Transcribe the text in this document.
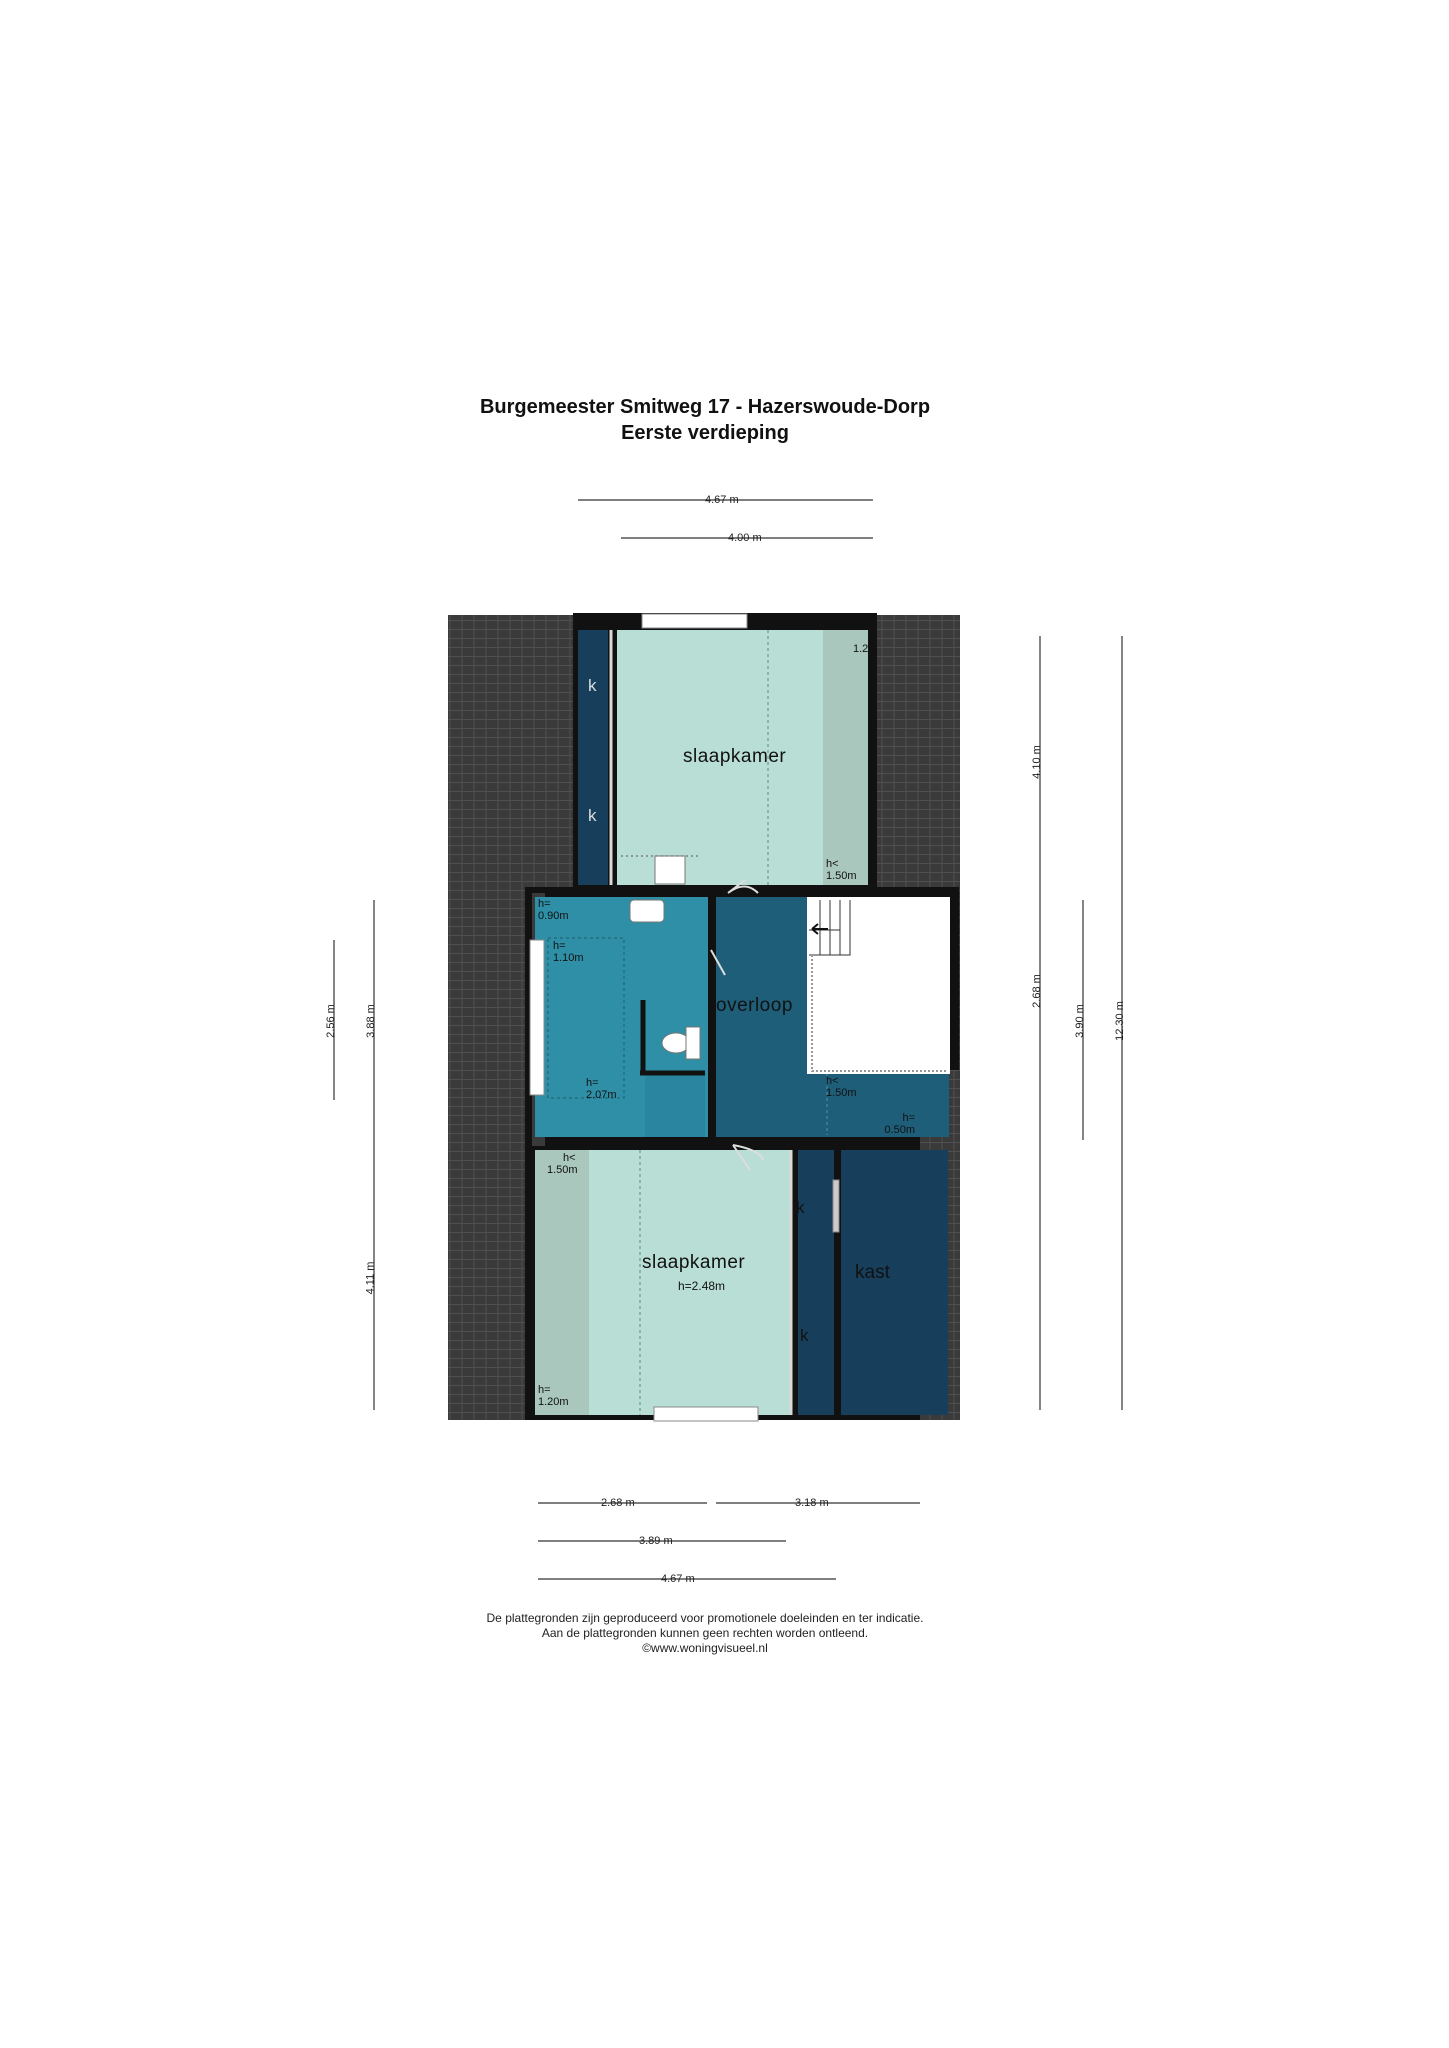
Burgemeester Smitweg 17 - Hazerswoude-Dorp
Eerste verdieping
4.67 m
4.00 m
4.10 m
2.68 m
3.90 m	12.30 m
2.56 m	3.88 m
4.11 m
2.68 m	3.18 m
3.89 m
4.67 m
slaapkamer
k
k
overloop
slaapkamer
h=2.48m
k
k
kast
1.2m
h<
1.50m
h=
0.90m
h=
1.10m
h=
2.07m
h<
1.50m
h=
0.50m
h<
1.50m
h=
1.20m
De plattegronden zijn geproduceerd voor promotionele doeleinden en ter indicatie.
Aan de plattegronden kunnen geen rechten worden ontleend.
©www.woningvisueel.nl
